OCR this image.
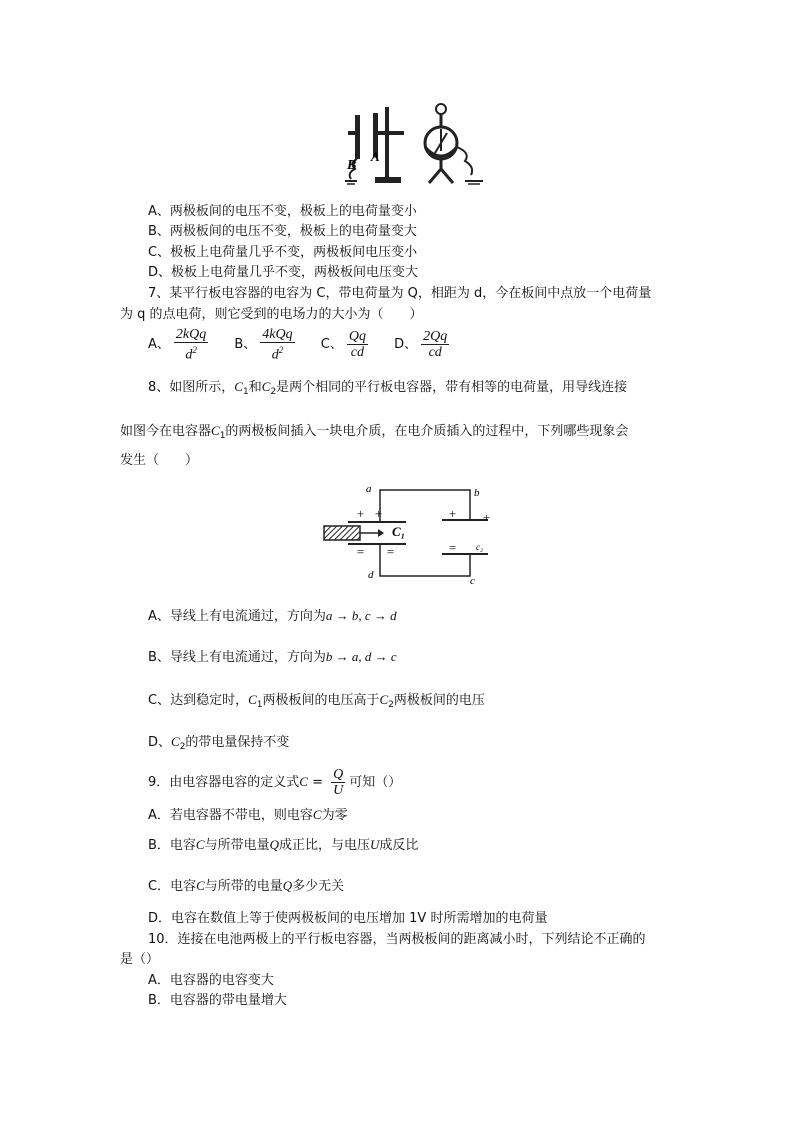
B
A
A、两极板间的电压不变，极板上的电荷量变小
B、两极板间的电压不变，极板上的电荷量变大
C、极板上电荷量几乎不变，两极板间电压变小
D、极板上电荷量几乎不变，两极板间电压变大
7、某平行板电容器的电容为 C，带电荷量为 Q，相距为 d，今在板间中点放一个电荷量
为 q 的点电荷，则它受到的电场力的大小为（　　）
A、 $\frac{\text{2kQq}}{d^2}$
B、 $\frac{\text{4kQq}}{d^2}$
C、 $\frac{Qq}{cd}$
D、 $\frac{2Qq}{cd}$
8、如图所示，$C_1$和$C_2$是两个相同的平行板电容器，带有相等的电荷量，用导线连接
如图今在电容器$C_1$的两极板间插入一块电介质，在电介质插入的过程中，下列哪些现象会
发生（　　）
a	b
c
d
C₁
c₂
+ +	+ +
= =	=
A、导线上有电流通过，方向为a → b, c → d
B、导线上有电流通过，方向为b → a, d → c
C、达到稳定时，$C_1$两极板间的电压高于$C_2$两极板间的电压
D、$C_2$的带电量保持不变
9．由电容器电容的定义式$C = \frac{Q}{U}$ 可知（）
A．若电容器不带电，则电容C为零
B．电容C与所带电量Q成正比，与电压U成反比
C．电容C与所带的电量Q多少无关
D．电容在数值上等于使两极板间的电压增加 1V 时所需增加的电荷量
10．连接在电池两极上的平行板电容器，当两极板间的距离减小时，下列结论不正确的
是（）
A．电容器的电容变大
B．电容器的带电量增大
